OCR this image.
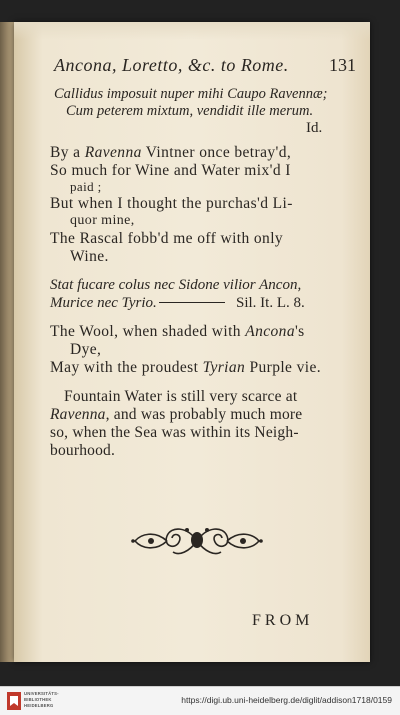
Ancona, Loretto, &c. to Rome. 131
Callidus imposuit nuper mihi Caupo Ravennæ;
Cum peterem mixtum, vendidit ille merum.
Id.
By a Ravenna Vintner once betray'd,
So much for Wine and Water mix'd I
paid ;
But when I thought the purchas'd Li-
quor mine,
The Rascal fobb'd me off with only
Wine.
Stat fucare colus nec Sidone vilior Ancon,
Murice nec Tyrio.	Sil. It. L. 8.
The Wool, when shaded with Ancona's
Dye,
May with the proudest Tyrian Purple vie.
Fountain Water is still very scarce at
Ravenna, and was probably much more
so, when the Sea was within its Neigh-
bourhood.
FROM
UNIVERSITÄTS-
BIBLIOTHEK
HEIDELBERG
https://digi.ub.uni-heidelberg.de/diglit/addison1718/0159
